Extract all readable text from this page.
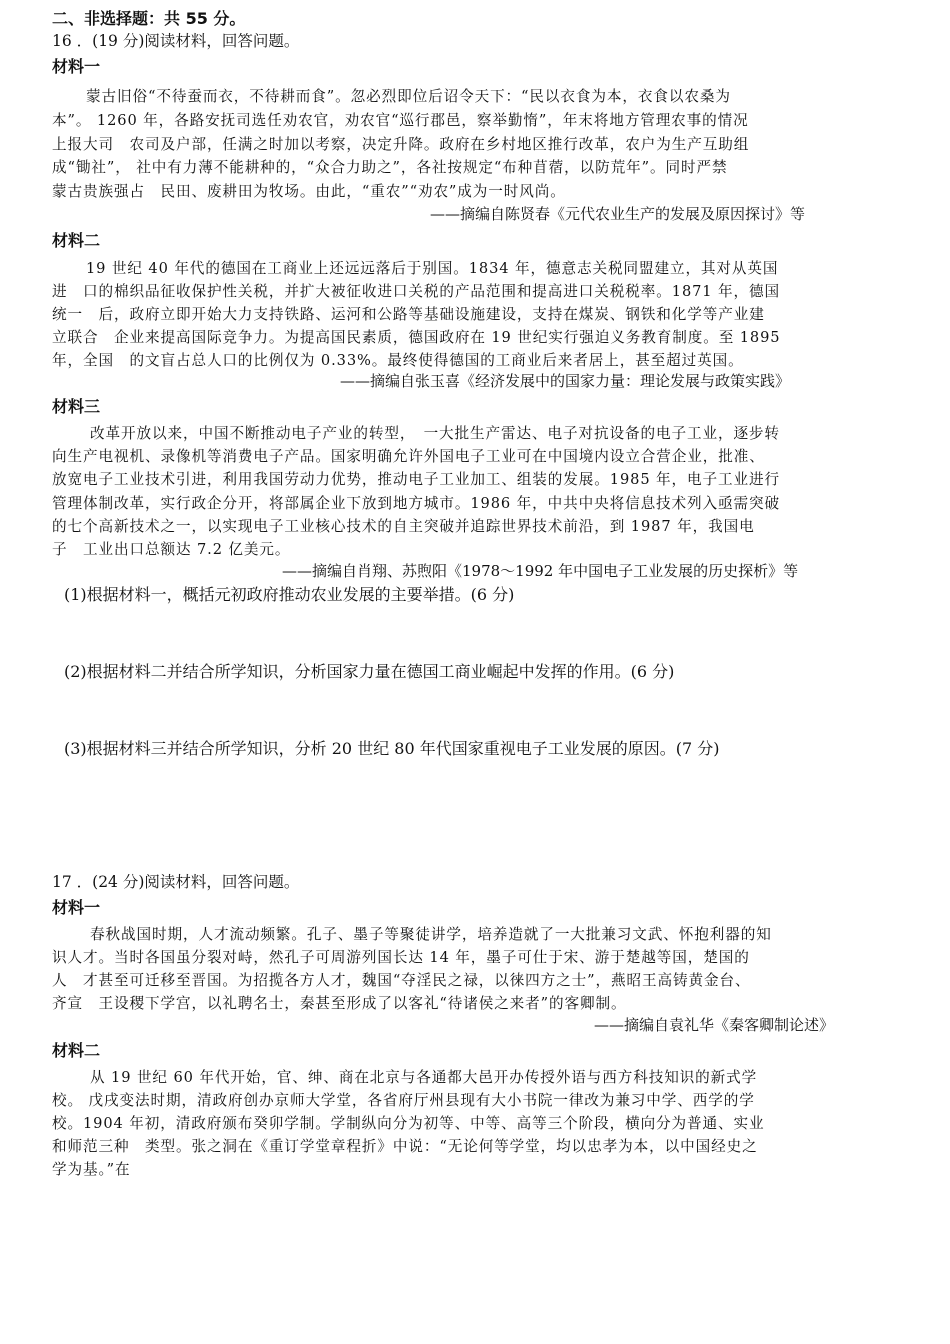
二、非选择题：共 55 分。
16 ．(19 分)阅读材料，回答问题。
材料一
蒙古旧俗“不待蚕而衣，不待耕而食”。忽必烈即位后诏令天下：“民以衣食为本，衣食以农桑为
本”。 1260 年，各路安抚司选任劝农官，劝农官“巡行郡邑，察举勤惰”，年末将地方管理农事的情况
上报大司　农司及户部，任满之时加以考察，决定升降。政府在乡村地区推行改革，农户为生产互助组
成“锄社”， 社中有力薄不能耕种的，“众合力助之”，各社按规定“布种苜蓿，以防荒年”。同时严禁
蒙古贵族强占　民田、废耕田为牧场。由此，“重农”“劝农”成为一时风尚。
——摘编自陈贤春《元代农业生产的发展及原因探讨》等
材料二
19 世纪 40 年代的德国在工商业上还远远落后于别国。1834 年，德意志关税同盟建立，其对从英国
进　口的棉织品征收保护性关税，并扩大被征收进口关税的产品范围和提高进口关税税率。1871 年，德国
统一　后，政府立即开始大力支持铁路、运河和公路等基础设施建设，支持在煤炭、钢铁和化学等产业建
立联合　企业来提高国际竞争力。为提高国民素质，德国政府在 19 世纪实行强迫义务教育制度。至 1895
年，全国　的文盲占总人口的比例仅为 0.33%。最终使得德国的工商业后来者居上，甚至超过英国。
——摘编自张玉喜《经济发展中的国家力量：理论发展与政策实践》
材料三
改革开放以来，中国不断推动电子产业的转型，　一大批生产雷达、电子对抗设备的电子工业，逐步转
向生产电视机、录像机等消费电子产品。国家明确允许外国电子工业可在中国境内设立合营企业，批准、
放宽电子工业技术引进，利用我国劳动力优势，推动电子工业加工、组装的发展。1985 年，电子工业进行
管理体制改革，实行政企分开，将部属企业下放到地方城市。1986 年，中共中央将信息技术列入亟需突破
的七个高新技术之一，以实现电子工业核心技术的自主突破并追踪世界技术前沿，到 1987 年，我国电
子　工业出口总额达 7.2 亿美元。
——摘编自肖翔、苏煦阳《1978～1992 年中国电子工业发展的历史探析》等
(1)根据材料一，概括元初政府推动农业发展的主要举措。(6 分)
(2)根据材料二并结合所学知识，分析国家力量在德国工商业崛起中发挥的作用。(6 分)
(3)根据材料三并结合所学知识，分析 20 世纪 80 年代国家重视电子工业发展的原因。(7 分)
17 ．(24 分)阅读材料，回答问题。
材料一
春秋战国时期，人才流动频繁。孔子、墨子等聚徒讲学，培养造就了一大批兼习文武、怀抱利器的知
识人才。当时各国虽分裂对峙，然孔子可周游列国长达 14 年，墨子可仕于宋、游于楚越等国，楚国的
人　才甚至可迁移至晋国。为招揽各方人才，魏国“夺淫民之禄，以徕四方之士”，燕昭王高铸黄金台、
齐宣　王设稷下学宫，以礼聘名士，秦甚至形成了以客礼“待诸侯之来者”的客卿制。
——摘编自袁礼华《秦客卿制论述》
材料二
从 19 世纪 60 年代开始，官、绅、商在北京与各通都大邑开办传授外语与西方科技知识的新式学
校。 戊戌变法时期，清政府创办京师大学堂，各省府厅州县现有大小书院一律改为兼习中学、西学的学
校。1904 年初，清政府颁布癸卯学制。学制纵向分为初等、中等、高等三个阶段，横向分为普通、实业
和师范三种　类型。张之洞在《重订学堂章程折》中说：“无论何等学堂，均以忠孝为本，以中国经史之
学为基。”在
